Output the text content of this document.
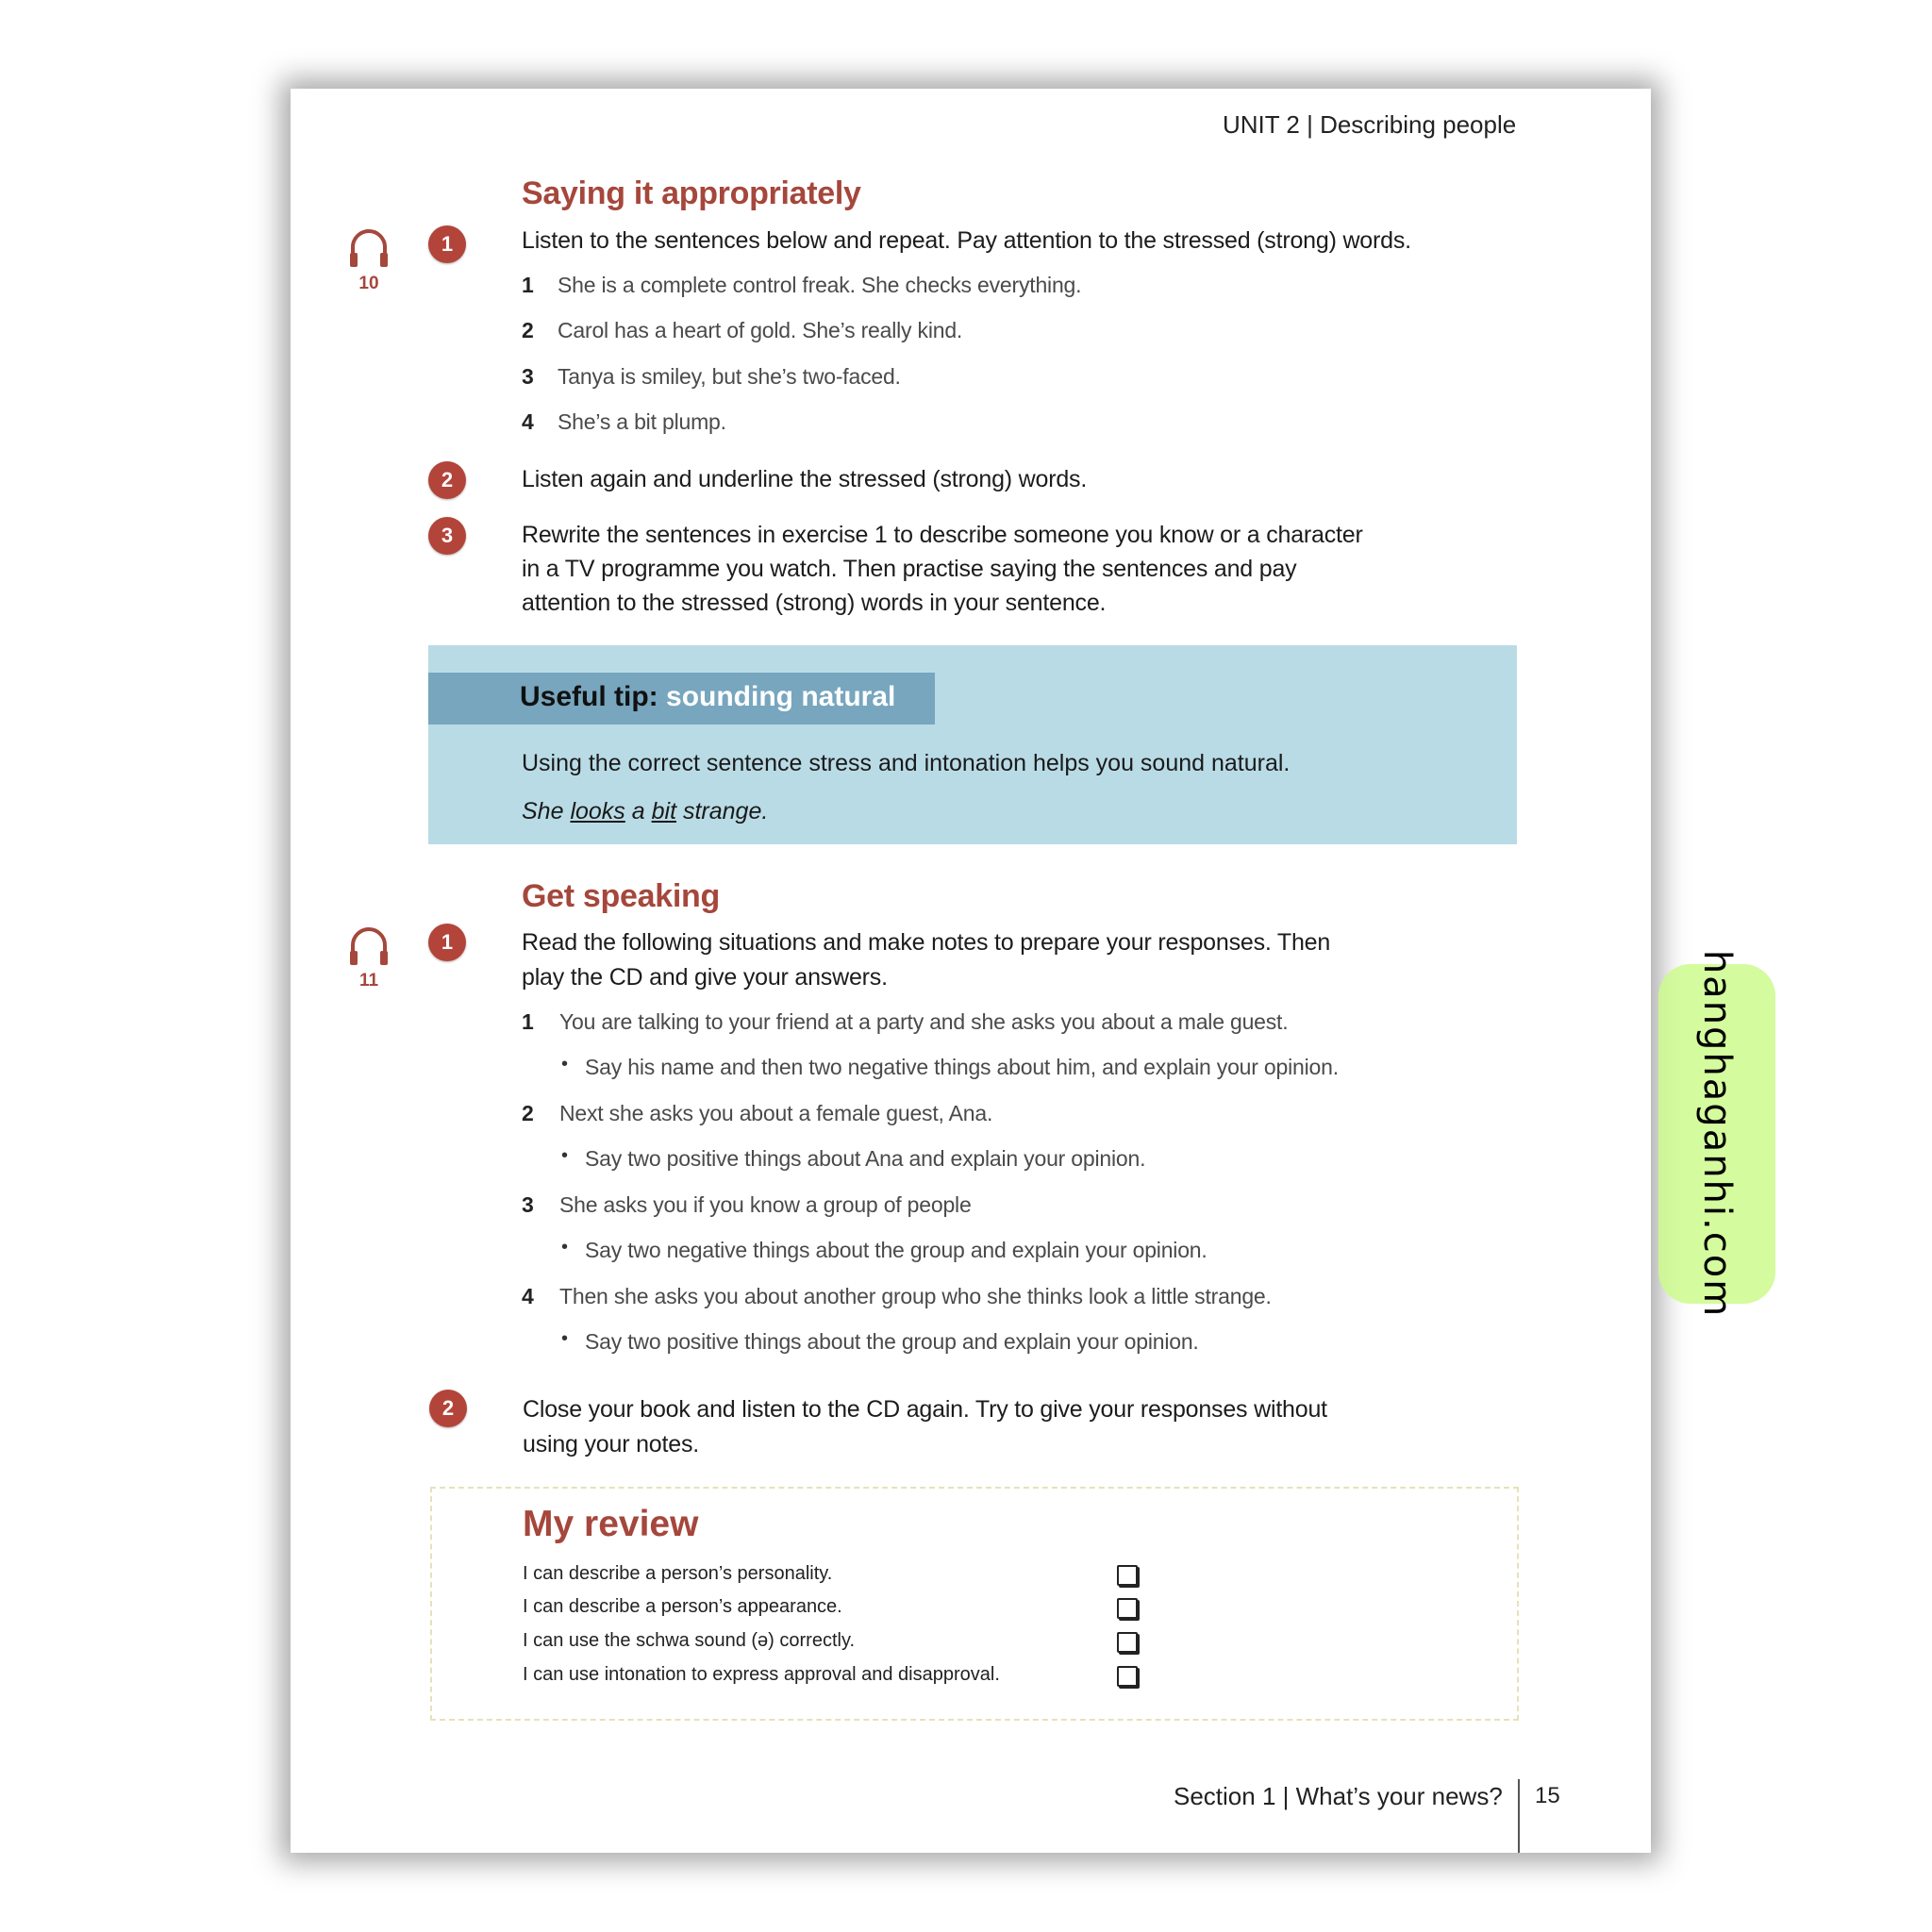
UNIT 2 | Describing people
Saying it appropriately
10
1	Listen to the sentences below and repeat. Pay attention to the stressed (strong) words.
1 She is a complete control freak. She checks everything.
2 Carol has a heart of gold. She’s really kind.
3 Tanya is smiley, but she’s two-faced.
4 She’s a bit plump.
2	Listen again and underline the stressed (strong) words.
3	Rewrite the sentences in exercise 1 to describe someone you know or a character
in a TV programme you watch. Then practise saying the sentences and pay
attention to the stressed (strong) words in your sentence.
Useful tip: sounding natural
Using the correct sentence stress and intonation helps you sound natural.
She looks a bit strange.
Get speaking
11
1	Read the following situations and make notes to prepare your responses. Then
play the CD and give your answers.
1 You are talking to your friend at a party and she asks you about a male guest.
• Say his name and then two negative things about him, and explain your opinion.
2 Next she asks you about a female guest, Ana.
• Say two positive things about Ana and explain your opinion.
3 She asks you if you know a group of people
• Say two negative things about the group and explain your opinion.
4 Then she asks you about another group who she thinks look a little strange.
• Say two positive things about the group and explain your opinion.
2	Close your book and listen to the CD again. Try to give your responses without
using your notes.
My review
I can describe a person’s personality.
I can describe a person’s appearance.
I can use the schwa sound (ə) correctly.
I can use intonation to express approval and disapproval.
Section 1 | What’s your news? 15
hanghaganhi.com
